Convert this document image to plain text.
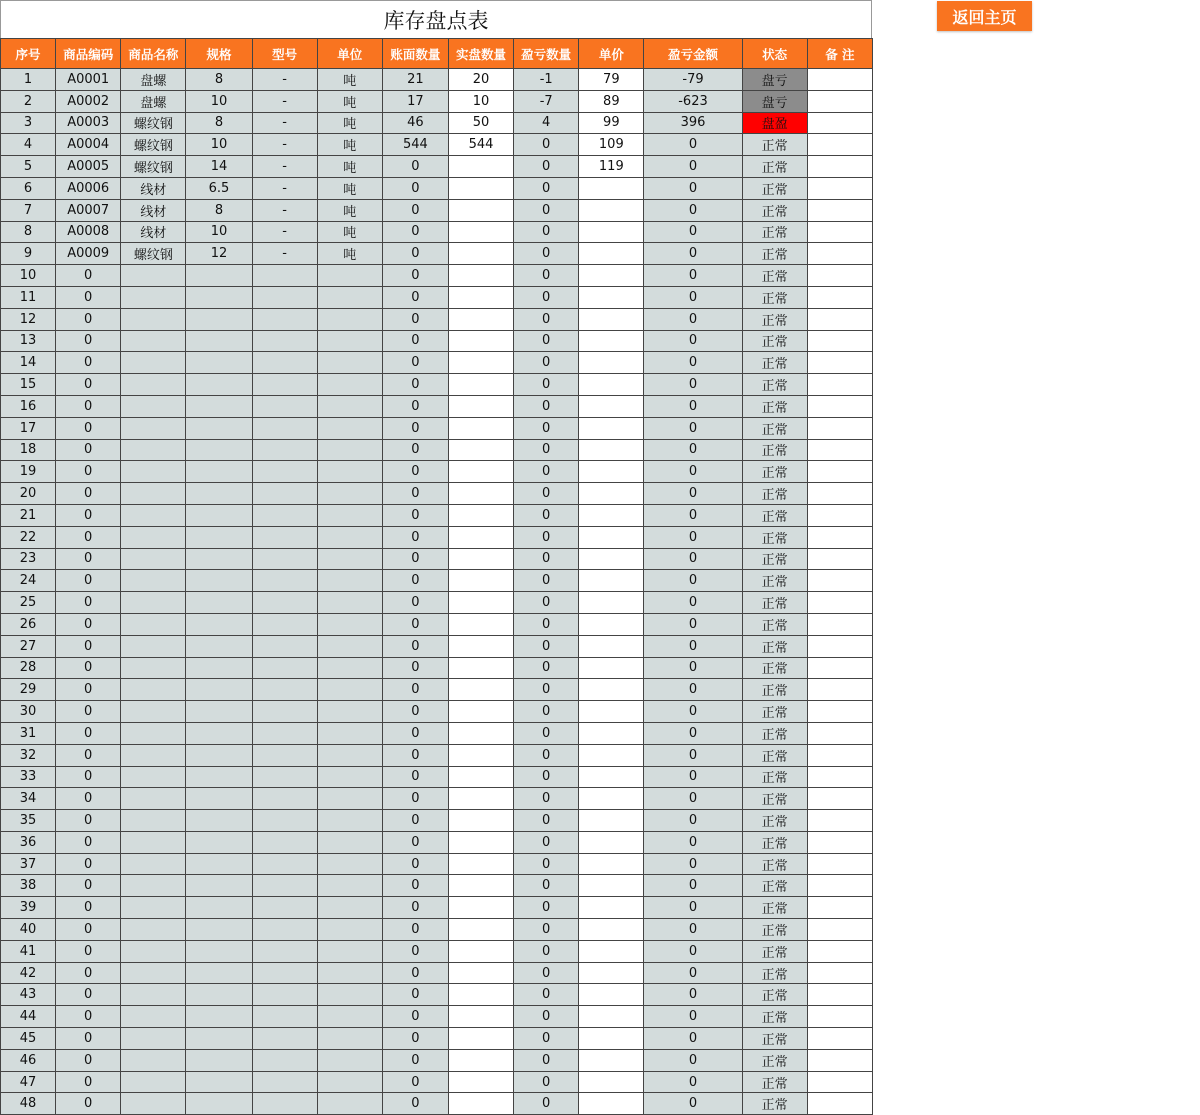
库存盘点表
序号	商品编码	商品名称	规格	型号	单位	账面数量	实盘数量	盈亏数量	单价	盈亏金额	状态	备 注
1	A0001	盘螺	8	-	吨	21	20	-1	79	-79	盘亏	
2	A0002	盘螺	10	-	吨	17	10	-7	89	-623	盘亏	
3	A0003	螺纹钢	8	-	吨	46	50	4	99	396	盘盈	
4	A0004	螺纹钢	10	-	吨	544	544	0	109	0	正常	
5	A0005	螺纹钢	14	-	吨	0		0	119	0	正常	
6	A0006	线材	6.5	-	吨	0		0		0	正常	
7	A0007	线材	8	-	吨	0		0		0	正常	
8	A0008	线材	10	-	吨	0		0		0	正常	
9	A0009	螺纹钢	12	-	吨	0		0		0	正常	
10	0					0		0		0	正常	
11	0					0		0		0	正常	
12	0					0		0		0	正常	
13	0					0		0		0	正常	
14	0					0		0		0	正常	
15	0					0		0		0	正常	
16	0					0		0		0	正常	
17	0					0		0		0	正常	
18	0					0		0		0	正常	
19	0					0		0		0	正常	
20	0					0		0		0	正常	
21	0					0		0		0	正常	
22	0					0		0		0	正常	
23	0					0		0		0	正常	
24	0					0		0		0	正常	
25	0					0		0		0	正常	
26	0					0		0		0	正常	
27	0					0		0		0	正常	
28	0					0		0		0	正常	
29	0					0		0		0	正常	
30	0					0		0		0	正常	
31	0					0		0		0	正常	
32	0					0		0		0	正常	
33	0					0		0		0	正常	
34	0					0		0		0	正常	
35	0					0		0		0	正常	
36	0					0		0		0	正常	
37	0					0		0		0	正常	
38	0					0		0		0	正常	
39	0					0		0		0	正常	
40	0					0		0		0	正常	
41	0					0		0		0	正常	
42	0					0		0		0	正常	
43	0					0		0		0	正常	
44	0					0		0		0	正常	
45	0					0		0		0	正常	
46	0					0		0		0	正常	
47	0					0		0		0	正常	
48	0					0		0		0	正常	
返回主页
